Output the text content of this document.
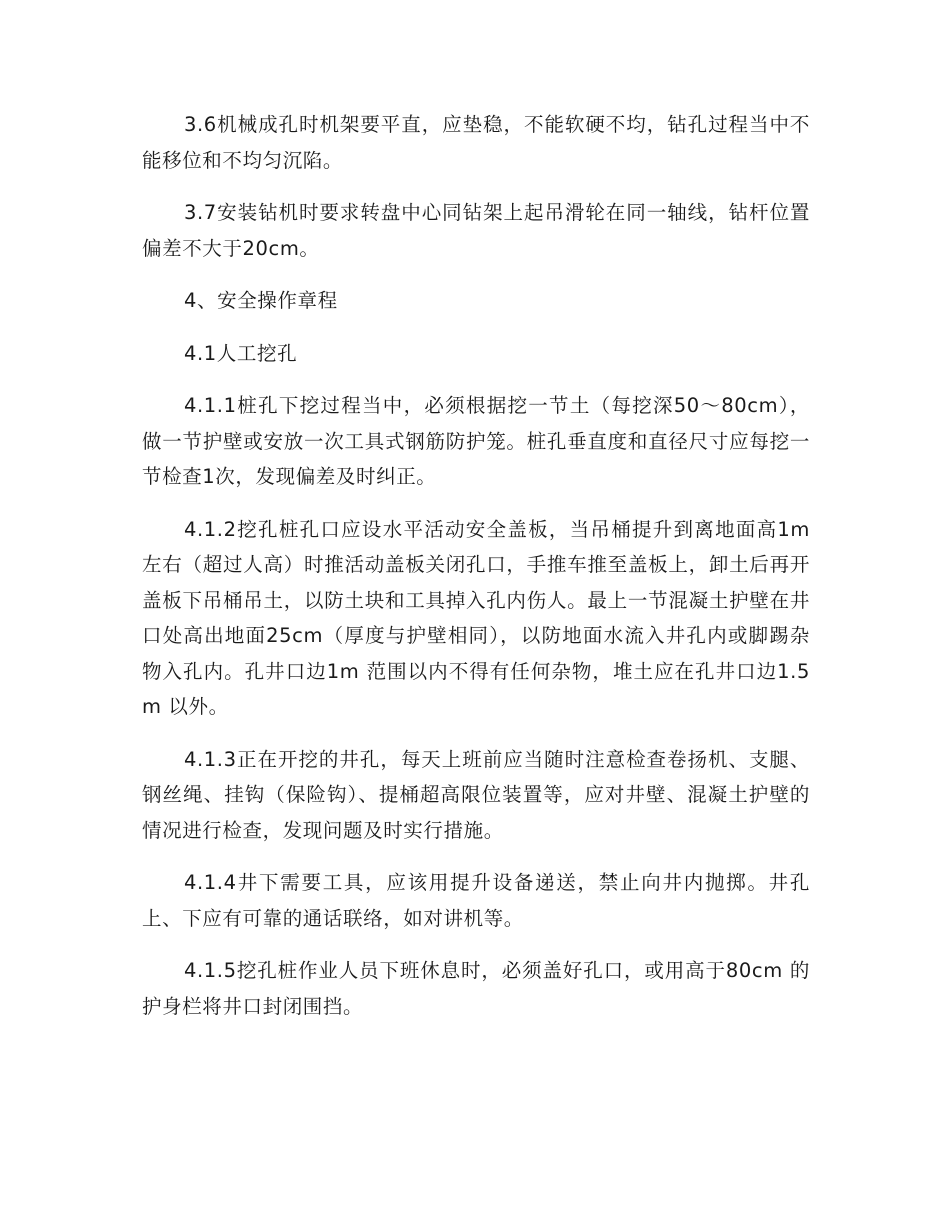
3.6机械成孔时机架要平直，应垫稳，不能软硬不均，钻孔过程当中不能移位和不均匀沉陷。

3.7安装钻机时要求转盘中心同钻架上起吊滑轮在同一轴线，钻杆位置偏差不大于20cm。

4、安全操作章程

4.1人工挖孔

4.1.1桩孔下挖过程当中，必须根据挖一节土（每挖深50～80cm），做一节护壁或安放一次工具式钢筋防护笼。桩孔垂直度和直径尺寸应每挖一节检查1次，发现偏差及时纠正。

4.1.2挖孔桩孔口应设水平活动安全盖板，当吊桶提升到离地面高1m 左右（超过人高）时推活动盖板关闭孔口，手推车推至盖板上，卸土后再开盖板下吊桶吊土，以防土块和工具掉入孔内伤人。最上一节混凝土护壁在井口处高出地面25cm（厚度与护壁相同），以防地面水流入井孔内或脚踢杂物入孔内。孔井口边1m 范围以内不得有任何杂物，堆土应在孔井口边1.5m 以外。

4.1.3正在开挖的井孔，每天上班前应当随时注意检查卷扬机、支腿、钢丝绳、挂钩（保险钩）、提桶超高限位装置等，应对井壁、混凝土护壁的情况进行检查，发现问题及时实行措施。

4.1.4井下需要工具，应该用提升设备递送，禁止向井内抛掷。井孔上、下应有可靠的通话联络，如对讲机等。

4.1.5挖孔桩作业人员下班休息时，必须盖好孔口，或用高于80cm 的护身栏将井口封闭围挡。
